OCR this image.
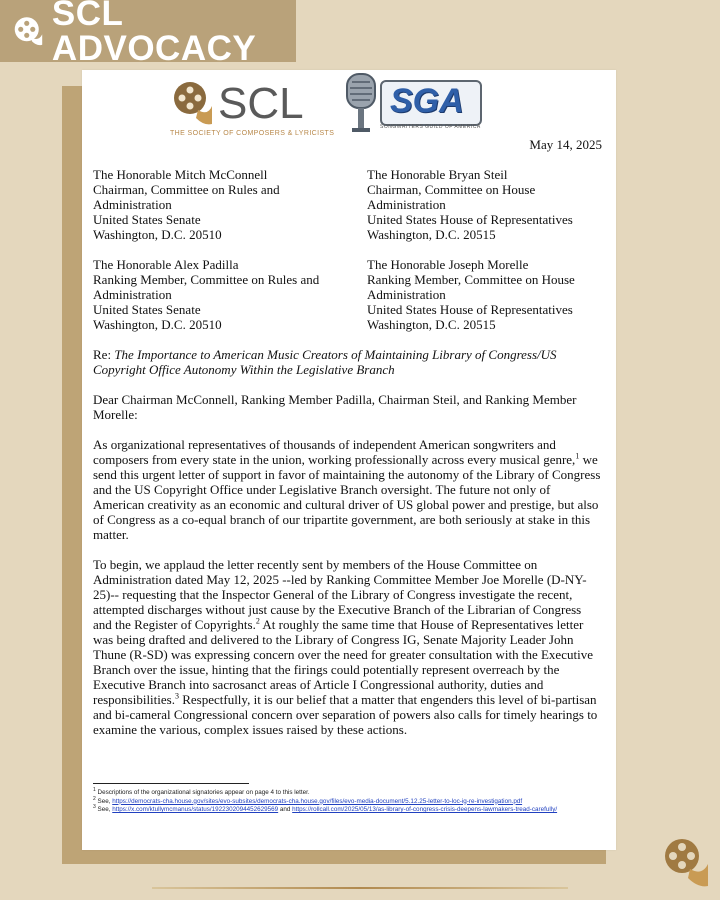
SCL ADVOCACY
SCL
THE SOCIETY OF COMPOSERS & LYRICISTS
SGA
SONGWRITERS GUILD OF AMERICA
May 14, 2025
The Honorable Mitch McConnell
Chairman, Committee on Rules and
Administration
United States Senate
Washington, D.C. 20510
The Honorable Bryan Steil
Chairman, Committee on House
Administration
United States House of Representatives
Washington, D.C. 20515
The Honorable Alex Padilla
Ranking Member, Committee on Rules and
Administration
United States Senate
Washington, D.C. 20510
The Honorable Joseph Morelle
Ranking Member, Committee on House
Administration
United States House of Representatives
Washington, D.C. 20515
Re: The Importance to American Music Creators of Maintaining Library of Congress/US Copyright Office Autonomy Within the Legislative Branch
Dear Chairman McConnell, Ranking Member Padilla, Chairman Steil, and Ranking Member Morelle:
As organizational representatives of thousands of independent American songwriters and composers from every state in the union, working professionally across every musical genre,$^1$ we send this urgent letter of support in favor of maintaining the autonomy of the Library of Congress and the US Copyright Office under Legislative Branch oversight. The future not only of American creativity as an economic and cultural driver of US global power and prestige, but also of Congress as a co-equal branch of our tripartite government, are both seriously at stake in this matter.
To begin, we applaud the letter recently sent by members of the House Committee on Administration dated May 12, 2025 --led by Ranking Committee Member Joe Morelle (D-NY-25)-- requesting that the Inspector General of the Library of Congress investigate the recent, attempted discharges without just cause by the Executive Branch of the Librarian of Congress and the Register of Copyrights.$^2$ At roughly the same time that House of Representatives letter was being drafted and delivered to the Library of Congress IG, Senate Majority Leader John Thune (R-SD) was expressing concern over the need for greater consultation with the Executive Branch over the issue, hinting that the firings could potentially represent overreach by the Executive Branch into sacrosanct areas of Article I Congressional authority, duties and responsibilities.$^3$ Respectfully, it is our belief that a matter that engenders this level of bi-partisan and bi-cameral Congressional concern over separation of powers also calls for timely hearings to examine the various, complex issues raised by these actions.
$^1$ Descriptions of the organizational signatories appear on page 4 to this letter.
$^2$ See, https://democrats-cha.house.gov/sites/evo-subsites/democrats-cha.house.gov/files/evo-media-document/5.12.25-letter-to-loc-ig-re-investigation.pdf
$^3$ See, https://x.com/ktullymcmanus/status/1922302094452629569 and https://rollcall.com/2025/05/13/as-library-of-congress-crisis-deepens-lawmakers-tread-carefully/
